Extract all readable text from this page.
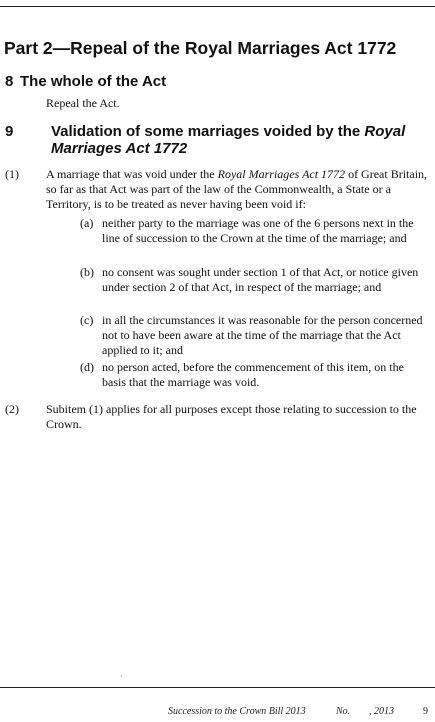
Part 2—Repeal of the Royal Marriages Act 1772
8 The whole of the Act
Repeal the Act.
9	Validation of some marriages voided by the Royal Marriages Act 1772
(1) A marriage that was void under the Royal Marriages Act 1772 of Great Britain, so far as that Act was part of the law of the Commonwealth, a State or a Territory, is to be treated as never having been void if:
(a) neither party to the marriage was one of the 6 persons next in the line of succession to the Crown at the time of the marriage; and
(b) no consent was sought under section 1 of that Act, or notice given under section 2 of that Act, in respect of the marriage; and
(c) in all the circumstances it was reasonable for the person concerned not to have been aware at the time of the marriage that the Act applied to it; and
(d) no person acted, before the commencement of this item, on the basis that the marriage was void.
(2) Subitem (1) applies for all purposes except those relating to succession to the Crown.
·
Succession to the Crown Bill 2013	No. , 2013	9
